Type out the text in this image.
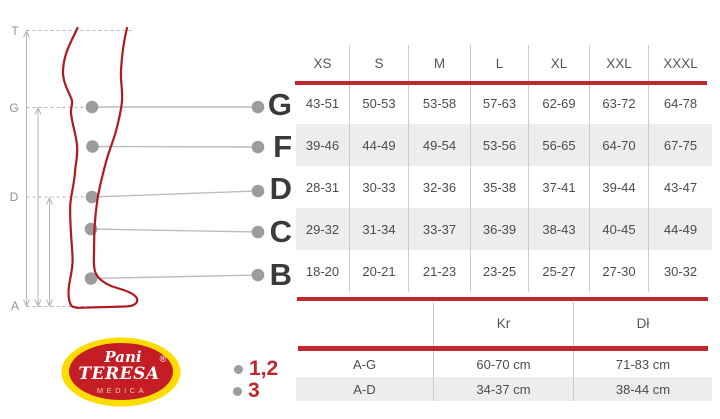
T
G
D
A
G
F
D
C
B
XS	S	M	L	XL	XXL	XXXL
43-51	50-53	53-58	57-63	62-69	63-72	64-78
39-46	44-49	49-54	53-56	56-65	64-70	67-75
28-31	30-33	32-36	35-38	37-41	39-44	43-47
29-32	31-34	33-37	36-39	38-43	40-45	44-49
18-20	20-21	21-23	23-25	25-27	27-30	30-32
Kr	Dł
A-G	60-70 cm	71-83 cm
A-D	34-37 cm	38-44 cm
1,2
3
Pani
TERESA
®
MEDICA
